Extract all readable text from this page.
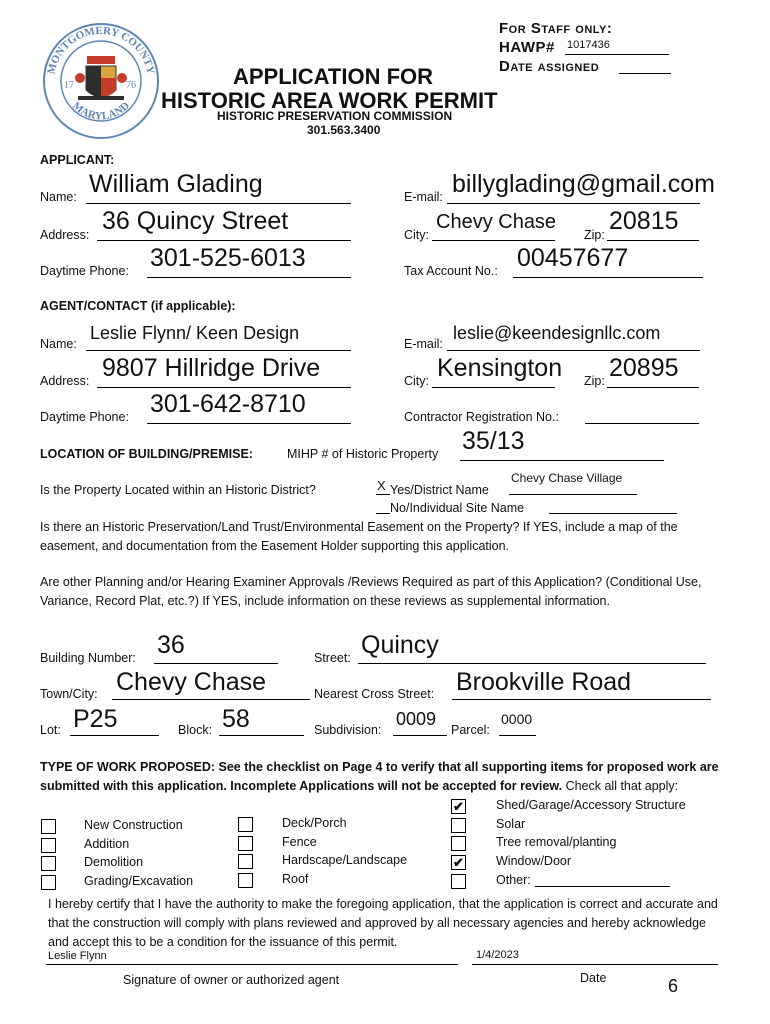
For Staff only:
HAWP# 1017436
Date assigned
MONTGOMERY COUNTY
MARYLAND
17	76	APPLICATION FOR
HISTORIC AREA WORK PERMIT
HISTORIC PRESERVATION COMMISSION
301.563.3400
APPLICANT:
Name: William Glading	E-mail: billyglading@gmail.com
Address: 36 Quincy Street	City:
Chevy Chase
Zip: 20815
Daytime Phone: 301-525-6013	Tax Account No.: 00457677
AGENT/CONTACT (if applicable):
Name:
Leslie Flynn/ Keen Design
E-mail:
leslie@keendesignllc.com
Address: 9807 Hillridge Drive	City: Kensington Zip: 20895
Daytime Phone: 301-642-8710	Contractor Registration No.:
LOCATION OF BUILDING/PREMISE:	MIHP # of Historic Property 35/13
Is the Property Located within an Historic District?	X Yes/District Name
Chevy Chase Village
No/Individual Site Name
Is there an Historic Preservation/Land Trust/Environmental Easement on the Property? If YES, include a map of the easement, and documentation from the Easement Holder supporting this application.
Are other Planning and/or Hearing Examiner Approvals /Reviews Required as part of this Application? (Conditional Use, Variance, Record Plat, etc.?) If YES, include information on these reviews as supplemental information.
Building Number: 36	Street: Quincy
Town/City: Chevy Chase	Nearest Cross Street: Brookville Road
Lot: P25	Block: 58	Subdivision:
0009
Parcel:
0000
TYPE OF WORK PROPOSED: See the checklist on Page 4 to verify that all supporting items for proposed work are submitted with this application. Incomplete Applications will not be accepted for review. Check all that apply:
I hereby certify that I have the authority to make the foregoing application, that the application is correct and accurate and that the construction will comply with plans reviewed and approved by all necessary agencies and hereby acknowledge and accept this to be a condition for the issuance of this permit.
Leslie Flynn	1/4/2023
Signature of owner or authorized agent	Date	6
New Construction
Addition
Demolition
Grading/Excavation
Deck/Porch
Fence
Hardscape/Landscape
Roof
✔	Shed/Garage/Accessory Structure
Solar
Tree removal/planting
✔	Window/Door
Other:
